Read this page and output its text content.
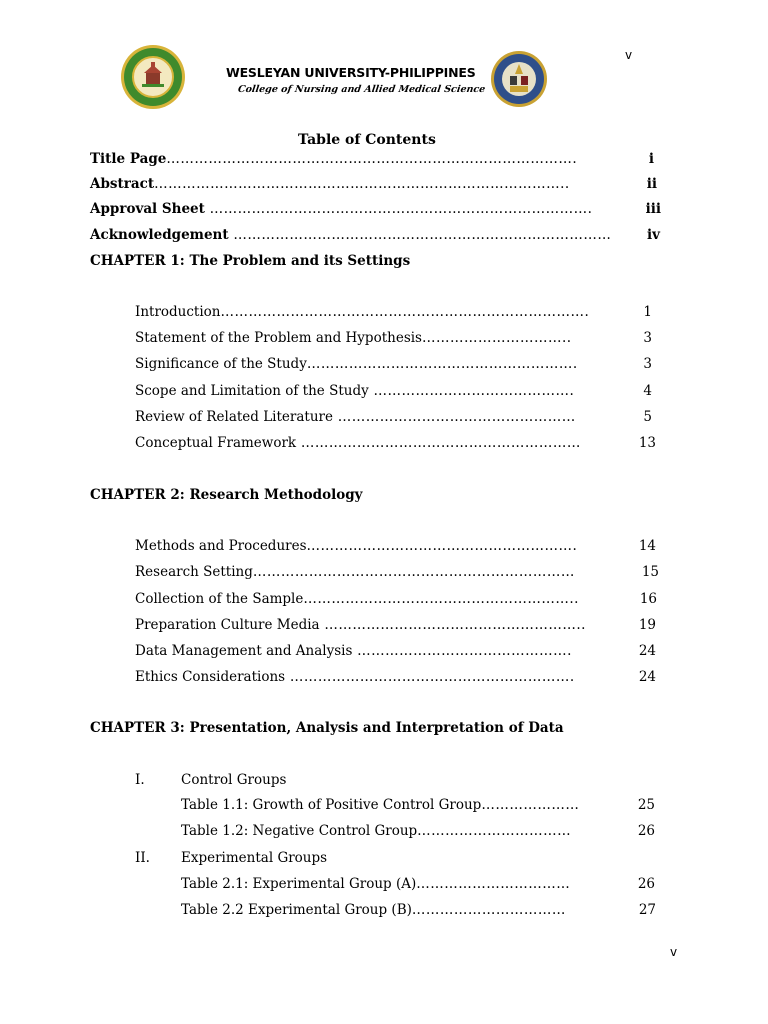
v
WESLEYAN UNIVERSITY-PHILIPPINES
College of Nursing and Allied Medical Science
Table of Contents
Title Page…………………………………………………………………………….	i
Abstract……………………………………………………………………………..	ii
Approval Sheet ……………………………………………………………………….	iii
Acknowledgement ………………………………………………………………………	iv
CHAPTER 1: The Problem and its Settings
Introduction…………………………………………………………………….	1
Statement of the Problem and Hypothesis…………………………..	3
Significance of the Study………………………………………………….	3
Scope and Limitation of the Study …………………………………….	4
Review of Related Literature ……………………………………………	5
Conceptual Framework ……………………………………………………	13
CHAPTER 2: Research Methodology
Methods and Procedures………………………………………………….	14
Research Setting……………………………………………………………	15
Collection of the Sample…………………………………………………..	16
Preparation Culture Media ………………………………………………..	19
Data Management and Analysis ……………………………………….	24
Ethics Considerations …………………………………………………….	24
CHAPTER 3: Presentation, Analysis and Interpretation of Data
I.	Control Groups
Table 1.1: Growth of Positive Control Group…………………	25
Table 1.2: Negative Control Group……………………………	26
II. Experimental Groups
Table 2.1: Experimental Group (A)……………………………	26
Table 2.2 Experimental Group (B)……………………………	27
v
